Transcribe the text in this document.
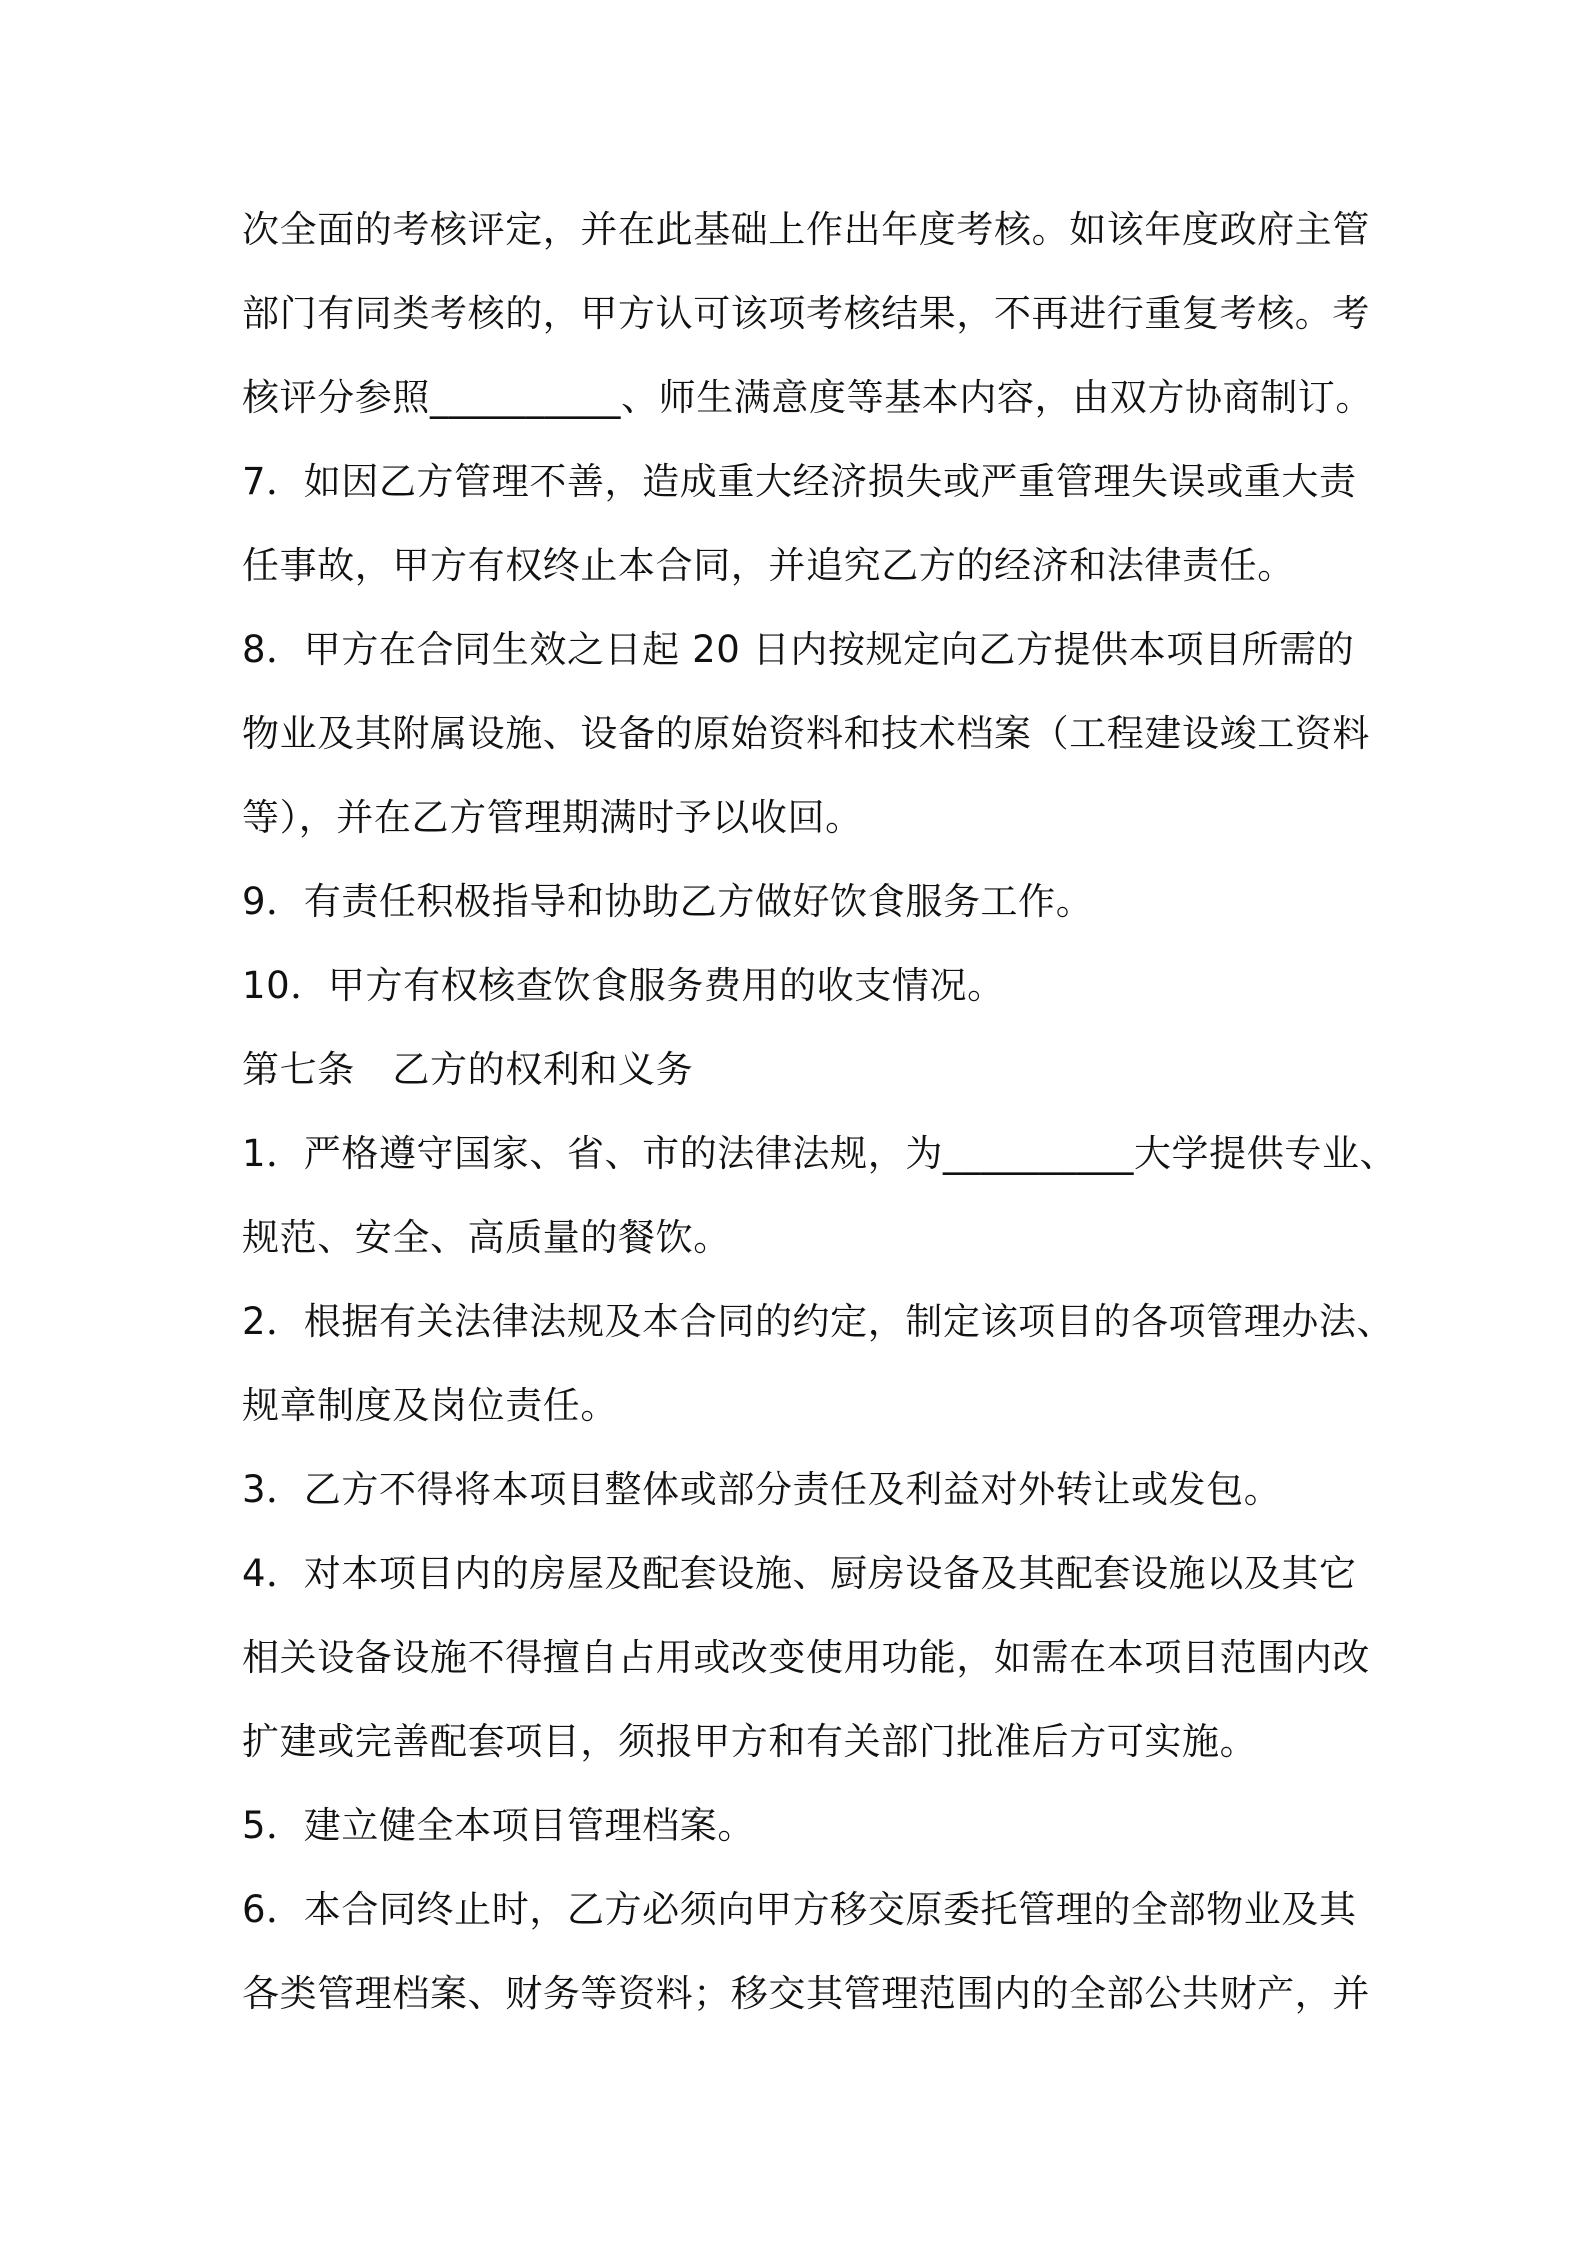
次全面的考核评定，并在此基础上作出年度考核。如该年度政府主管
部门有同类考核的，甲方认可该项考核结果，不再进行重复考核。考
核评分参照__________、师生满意度等基本内容，由双方协商制订。
7．如因乙方管理不善，造成重大经济损失或严重管理失误或重大责
任事故，甲方有权终止本合同，并追究乙方的经济和法律责任。
8．甲方在合同生效之日起 20 日内按规定向乙方提供本项目所需的
物业及其附属设施、设备的原始资料和技术档案（工程建设竣工资料
等），并在乙方管理期满时予以收回。
9．有责任积极指导和协助乙方做好饮食服务工作。
10．甲方有权核查饮食服务费用的收支情况。
第七条　乙方的权利和义务
1．严格遵守国家、省、市的法律法规，为__________大学提供专业、
规范、安全、高质量的餐饮。
2．根据有关法律法规及本合同的约定，制定该项目的各项管理办法、
规章制度及岗位责任。
3．乙方不得将本项目整体或部分责任及利益对外转让或发包。
4．对本项目内的房屋及配套设施、厨房设备及其配套设施以及其它
相关设备设施不得擅自占用或改变使用功能，如需在本项目范围内改
扩建或完善配套项目，须报甲方和有关部门批准后方可实施。
5．建立健全本项目管理档案。
6．本合同终止时，乙方必须向甲方移交原委托管理的全部物业及其
各类管理档案、财务等资料；移交其管理范围内的全部公共财产，并
